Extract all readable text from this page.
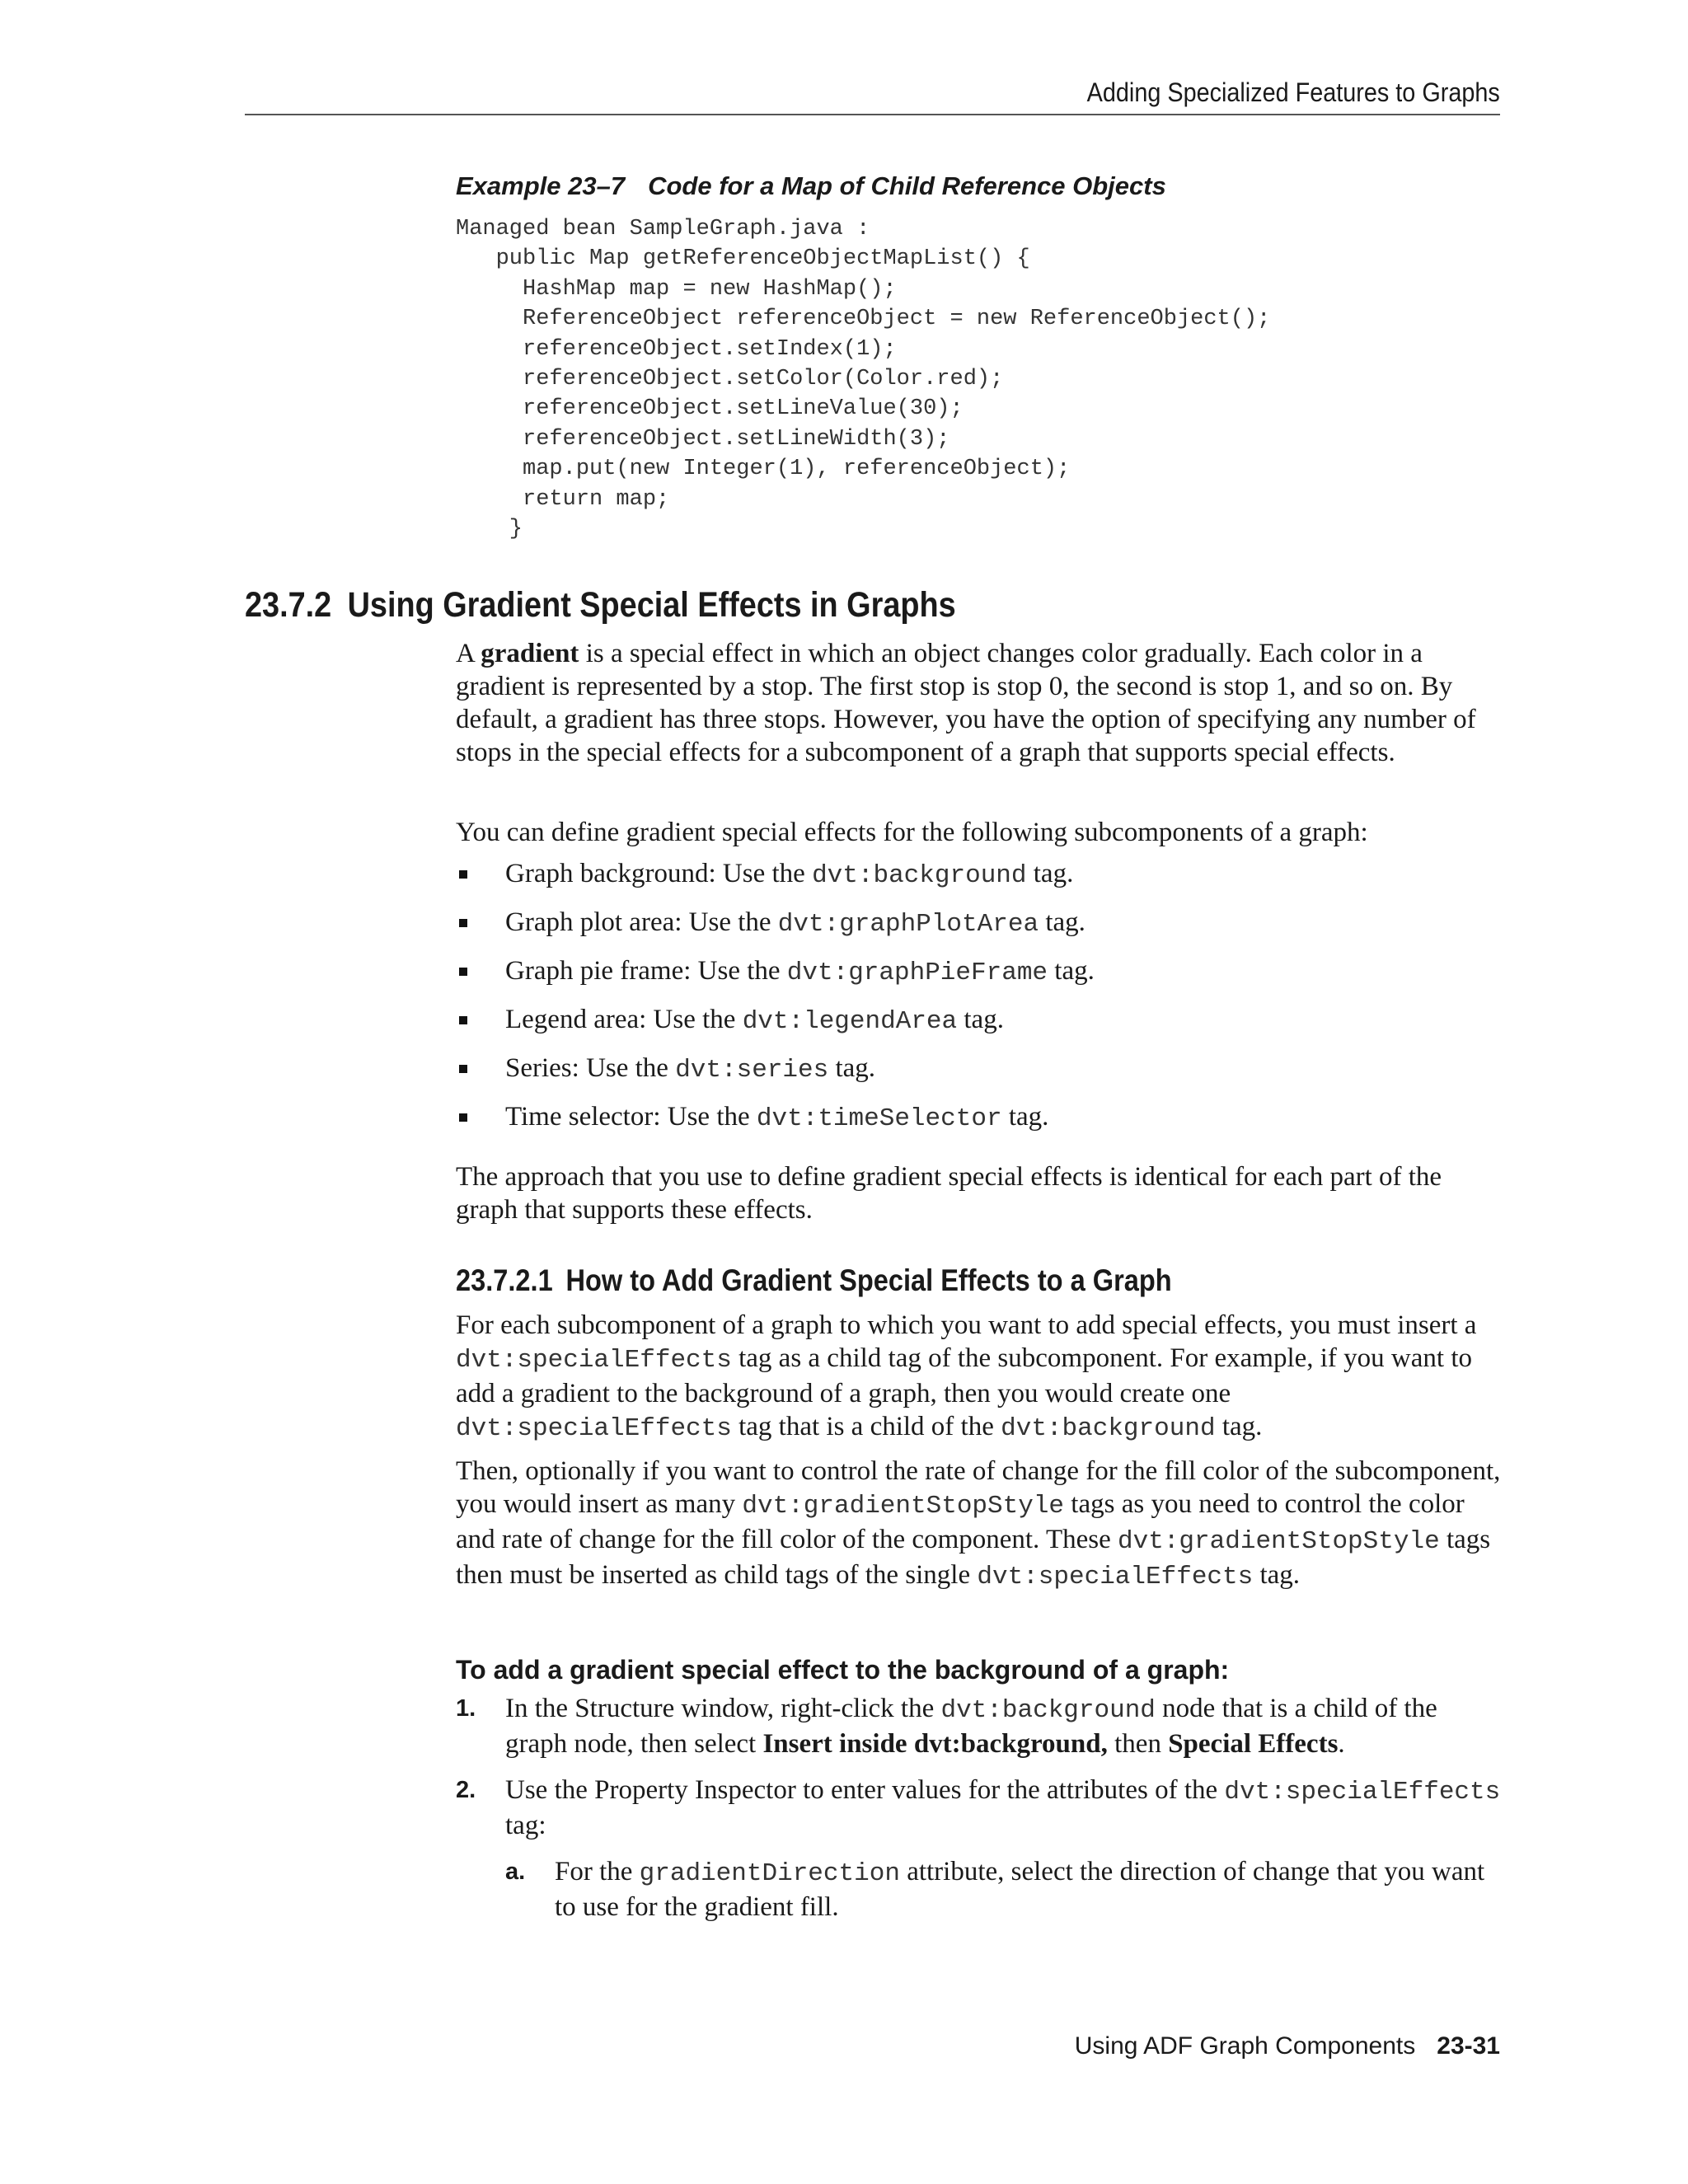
Adding Specialized Features to Graphs
Example 23–7 Code for a Map of Child Reference Objects
Managed bean SampleGraph.java :
public Map getReferenceObjectMapList() {
HashMap map = new HashMap();
ReferenceObject referenceObject = new ReferenceObject();
referenceObject.setIndex(1);
referenceObject.setColor(Color.red);
referenceObject.setLineValue(30);
referenceObject.setLineWidth(3);
map.put(new Integer(1), referenceObject);
return map;
}
23.7.2 Using Gradient Special Effects in Graphs

A gradient is a special effect in which an object changes color gradually. Each color in a gradient is represented by a stop. The first stop is stop 0, the second is stop 1, and so on. By default, a gradient has three stops. However, you have the option of specifying any number of stops in the special effects for a subcomponent of a graph that supports special effects.

You can define gradient special effects for the following subcomponents of a graph:

Graph background: Use the dvt:background tag.
Graph plot area: Use the dvt:graphPlotArea tag.
Graph pie frame: Use the dvt:graphPieFrame tag.
Legend area: Use the dvt:legendArea tag.
Series: Use the dvt:series tag.
Time selector: Use the dvt:timeSelector tag.

The approach that you use to define gradient special effects is identical for each part of the graph that supports these effects.

23.7.2.1 How to Add Gradient Special Effects to a Graph

For each subcomponent of a graph to which you want to add special effects, you must insert a dvt:specialEffects tag as a child tag of the subcomponent. For example, if you want to add a gradient to the background of a graph, then you would create one dvt:specialEffects tag that is a child of the dvt:background tag.

Then, optionally if you want to control the rate of change for the fill color of the subcomponent, you would insert as many dvt:gradientStopStyle tags as you need to control the color and rate of change for the fill color of the component. These dvt:gradientStopStyle tags then must be inserted as child tags of the single dvt:specialEffects tag.

To add a gradient special effect to the background of a graph:
1. In the Structure window, right-click the dvt:background node that is a child of the graph node, then select Insert inside dvt:background, then Special Effects.
2. Use the Property Inspector to enter values for the attributes of the dvt:specialEffects tag:
a. For the gradientDirection attribute, select the direction of change that you want to use for the gradient fill.
Using ADF Graph Components 23-31
